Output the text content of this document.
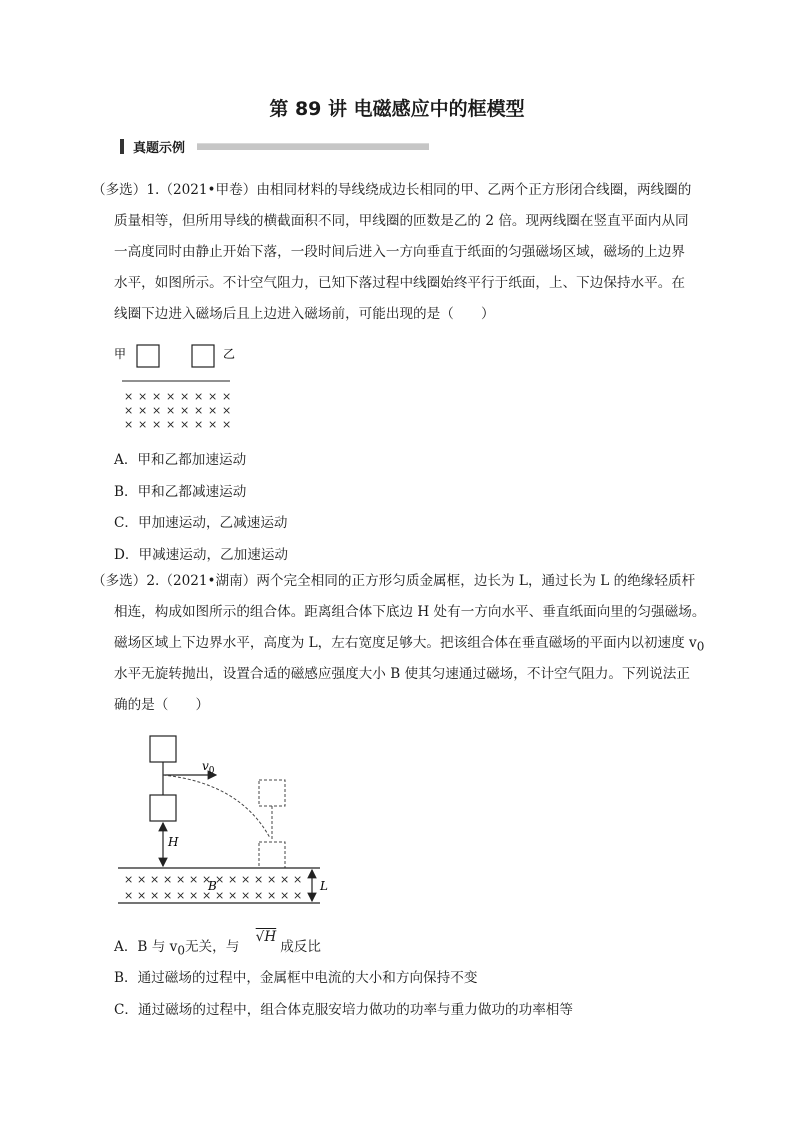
第 89 讲 电磁感应中的框模型
真题示例
（多选）1.（2021•甲卷）由相同材料的导线绕成边长相同的甲、乙两个正方形闭合线圈，两线圈的
质量相等，但所用导线的横截面积不同，甲线圈的匝数是乙的 2 倍。现两线圈在竖直平面内从同
一高度同时由静止开始下落，一段时间后进入一方向垂直于纸面的匀强磁场区域，磁场的上边界
水平，如图所示。不计空气阻力，已知下落过程中线圈始终平行于纸面，上、下边保持水平。在
线圈下边进入磁场后且上边进入磁场前，可能出现的是（　　）
甲	乙
× × × × × × × ×
× × × × × × × ×
× × × × × × × ×
A．甲和乙都加速运动
B．甲和乙都减速运动
C．甲加速运动，乙减速运动
D．甲减速运动，乙加速运动
（多选）2.（2021•湖南）两个完全相同的正方形匀质金属框，边长为 L，通过长为 L 的绝缘轻质杆
相连，构成如图所示的组合体。距离组合体下底边 H 处有一方向水平、垂直纸面向里的匀强磁场。
磁场区域上下边界水平，高度为 L，左右宽度足够大。把该组合体在垂直磁场的平面内以初速度 $v_0$
水平无旋转抛出，设置合适的磁感应强度大小 B 使其匀速通过磁场，不计空气阻力。下列说法正
确的是（　　）
$v_0$
H
× × × × × × × × × × × × × ×
× × × × × × × × × × × × × ×
B	L
A．B 与 $v_0$无关，与 √H成反比
B．通过磁场的过程中，金属框中电流的大小和方向保持不变
C．通过磁场的过程中，组合体克服安培力做功的功率与重力做功的功率相等
